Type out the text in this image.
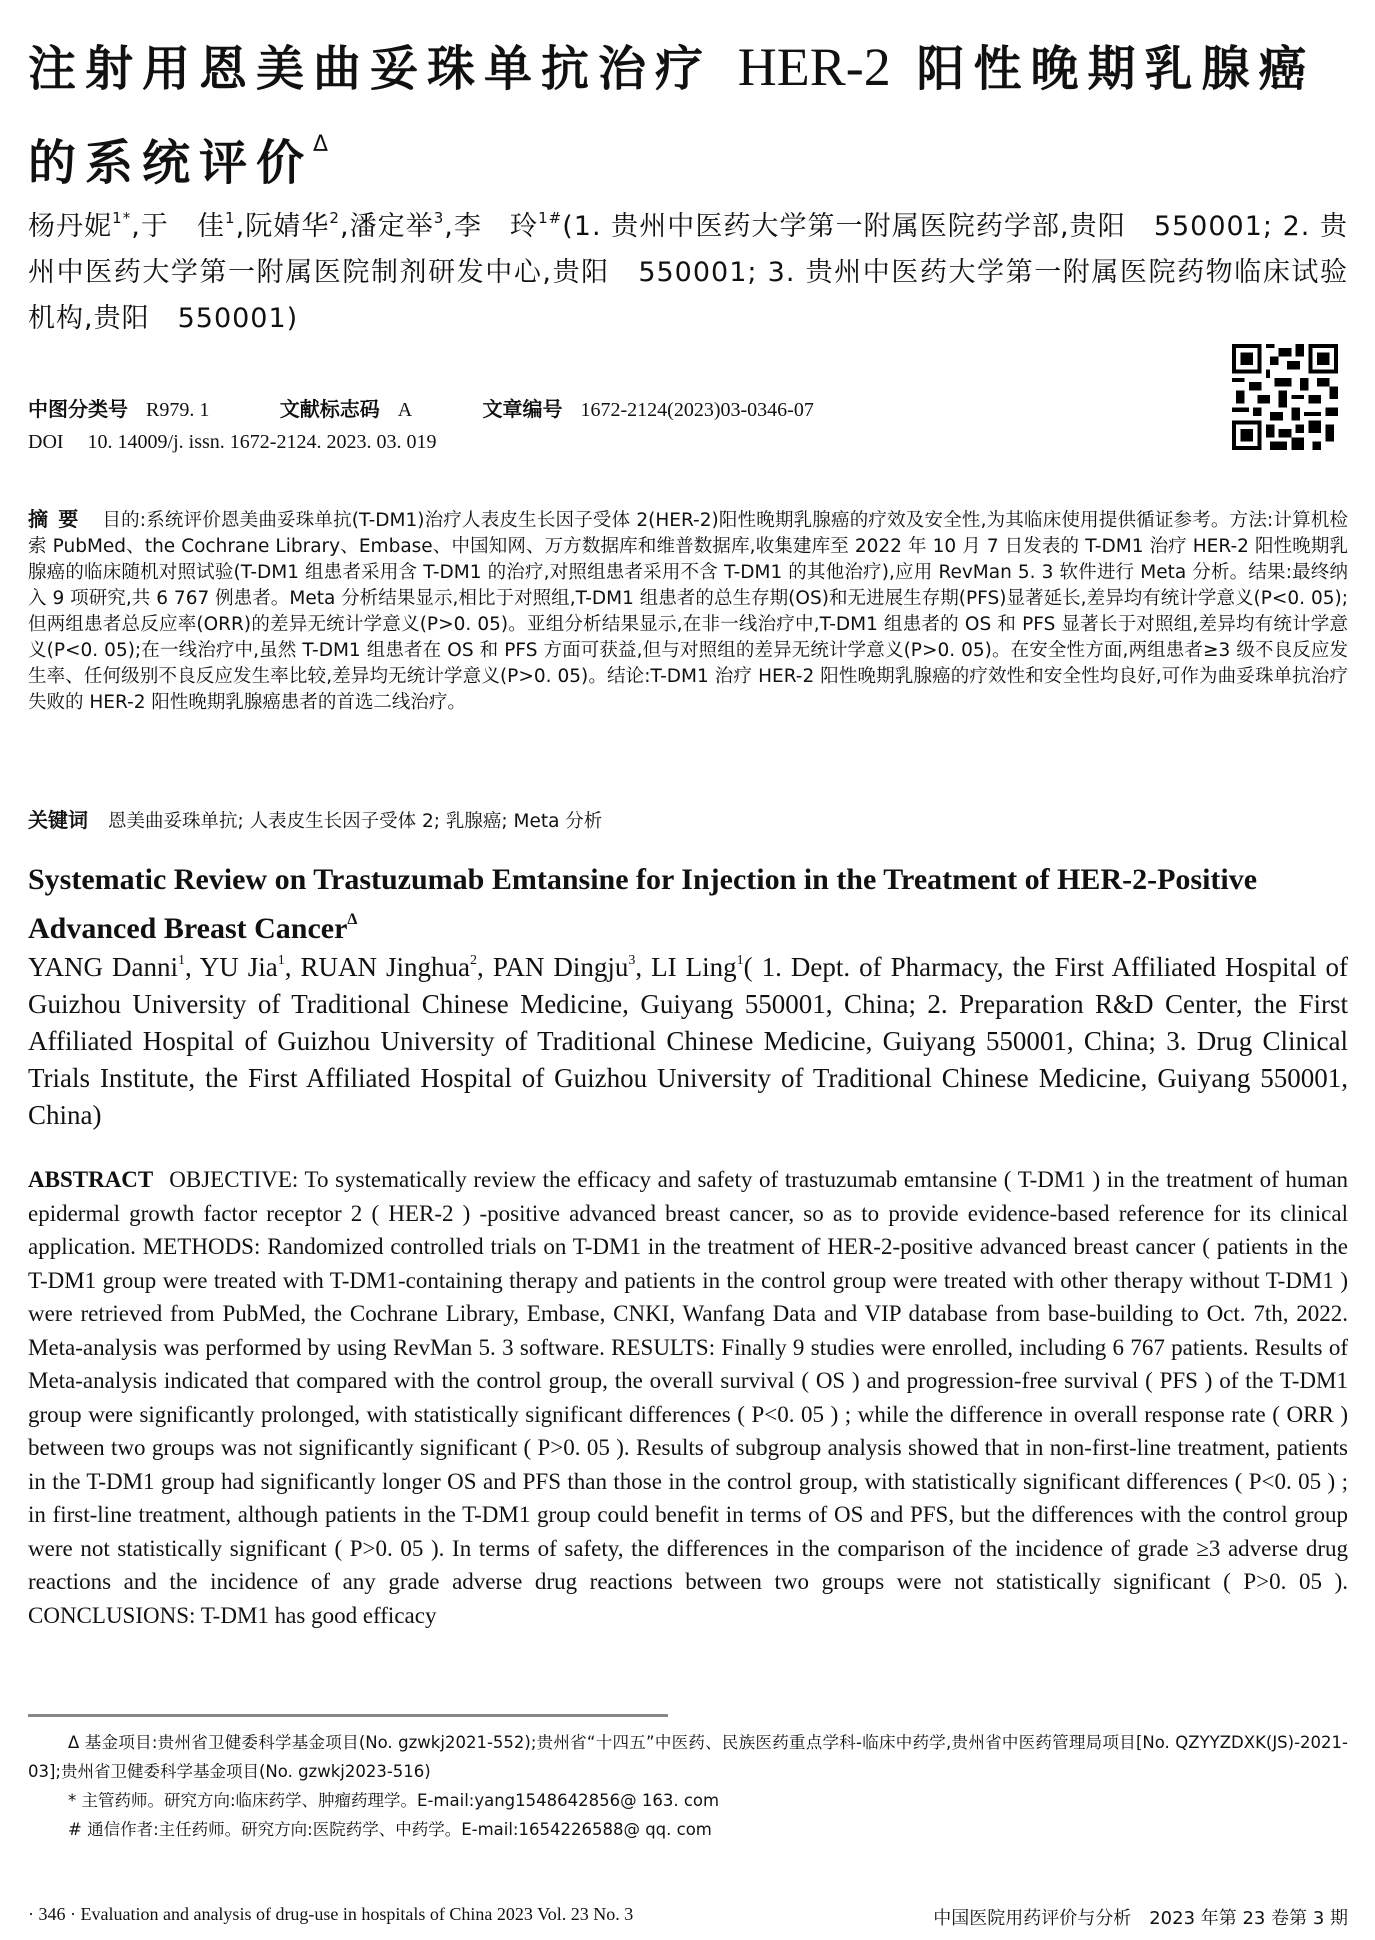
注射用恩美曲妥珠单抗治疗 HER-2 阳性晚期乳腺癌的系统评价$^\Delta$
杨丹妮$^{1*}$,于　佳$^1$,阮婧华$^2$,潘定举$^3$,李　玲$^{1\#}$(1. 贵州中医药大学第一附属医院药学部,贵阳　550001; 2. 贵州中医药大学第一附属医院制剂研发中心,贵阳　550001; 3. 贵州中医药大学第一附属医院药物临床试验机构,贵阳　550001)
中图分类号 R979. 1	文献标志码 A	文章编号 1672-2124(2023)03-0346-07
DOI 10. 14009/j. issn. 1672-2124. 2023. 03. 019
摘要 目的:系统评价恩美曲妥珠单抗(T-DM1)治疗人表皮生长因子受体 2(HER-2)阳性晚期乳腺癌的疗效及安全性,为其临床使用提供循证参考。方法:计算机检索 PubMed、the Cochrane Library、Embase、中国知网、万方数据库和维普数据库,收集建库至 2022 年 10 月 7 日发表的 T-DM1 治疗 HER-2 阳性晚期乳腺癌的临床随机对照试验(T-DM1 组患者采用含 T-DM1 的治疗,对照组患者采用不含 T-DM1 的其他治疗),应用 RevMan 5. 3 软件进行 Meta 分析。结果:最终纳入 9 项研究,共 6 767 例患者。Meta 分析结果显示,相比于对照组,T-DM1 组患者的总生存期(OS)和无进展生存期(PFS)显著延长,差异均有统计学意义(P<0. 05);但两组患者总反应率(ORR)的差异无统计学意义(P>0. 05)。亚组分析结果显示,在非一线治疗中,T-DM1 组患者的 OS 和 PFS 显著长于对照组,差异均有统计学意义(P<0. 05);在一线治疗中,虽然 T-DM1 组患者在 OS 和 PFS 方面可获益,但与对照组的差异无统计学意义(P>0. 05)。在安全性方面,两组患者≥3 级不良反应发生率、任何级别不良反应发生率比较,差异均无统计学意义(P>0. 05)。结论:T-DM1 治疗 HER-2 阳性晚期乳腺癌的疗效性和安全性均良好,可作为曲妥珠单抗治疗失败的 HER-2 阳性晚期乳腺癌患者的首选二线治疗。
关键词 恩美曲妥珠单抗; 人表皮生长因子受体 2; 乳腺癌; Meta 分析
Systematic Review on Trastuzumab Emtansine for Injection in the Treatment of HER-2-Positive Advanced Breast Cancer$^\Delta$
YANG Danni$^1$, YU Jia$^1$, RUAN Jinghua$^2$, PAN Dingju$^3$, LI Ling$^1$( 1. Dept. of Pharmacy, the First Affiliated Hospital of Guizhou University of Traditional Chinese Medicine, Guiyang 550001, China; 2. Preparation R&D Center, the First Affiliated Hospital of Guizhou University of Traditional Chinese Medicine, Guiyang 550001, China; 3. Drug Clinical Trials Institute, the First Affiliated Hospital of Guizhou University of Traditional Chinese Medicine, Guiyang 550001, China)
ABSTRACT OBJECTIVE: To systematically review the efficacy and safety of trastuzumab emtansine ( T-DM1 ) in the treatment of human epidermal growth factor receptor 2 ( HER-2 ) -positive advanced breast cancer, so as to provide evidence-based reference for its clinical application. METHODS: Randomized controlled trials on T-DM1 in the treatment of HER-2-positive advanced breast cancer ( patients in the T-DM1 group were treated with T-DM1-containing therapy and patients in the control group were treated with other therapy without T-DM1 ) were retrieved from PubMed, the Cochrane Library, Embase, CNKI, Wanfang Data and VIP database from base-building to Oct. 7th, 2022. Meta-analysis was performed by using RevMan 5. 3 software. RESULTS: Finally 9 studies were enrolled, including 6 767 patients. Results of Meta-analysis indicated that compared with the control group, the overall survival ( OS ) and progression-free survival ( PFS ) of the T-DM1 group were significantly prolonged, with statistically significant differences ( P<0. 05 ) ; while the difference in overall response rate ( ORR ) between two groups was not significantly significant ( P>0. 05 ). Results of subgroup analysis showed that in non-first-line treatment, patients in the T-DM1 group had significantly longer OS and PFS than those in the control group, with statistically significant differences ( P<0. 05 ) ; in first-line treatment, although patients in the T-DM1 group could benefit in terms of OS and PFS, but the differences with the control group were not statistically significant ( P>0. 05 ). In terms of safety, the differences in the comparison of the incidence of grade ≥3 adverse drug reactions and the incidence of any grade adverse drug reactions between two groups were not statistically significant ( P>0. 05 ). CONCLUSIONS: T-DM1 has good efficacy
Δ 基金项目:贵州省卫健委科学基金项目(No. gzwkj2021-552);贵州省“十四五”中医药、民族医药重点学科-临床中药学,贵州省中医药管理局项目[No. QZYYZDXK(JS)-2021-03];贵州省卫健委科学基金项目(No. gzwkj2023-516)
* 主管药师。研究方向:临床药学、肿瘤药理学。E-mail:yang1548642856@ 163. com
# 通信作者:主任药师。研究方向:医院药学、中药学。E-mail:1654226588@ qq. com
· 346 · Evaluation and analysis of drug-use in hospitals of China 2023 Vol. 23 No. 3	中国医院用药评价与分析　2023 年第 23 卷第 3 期
